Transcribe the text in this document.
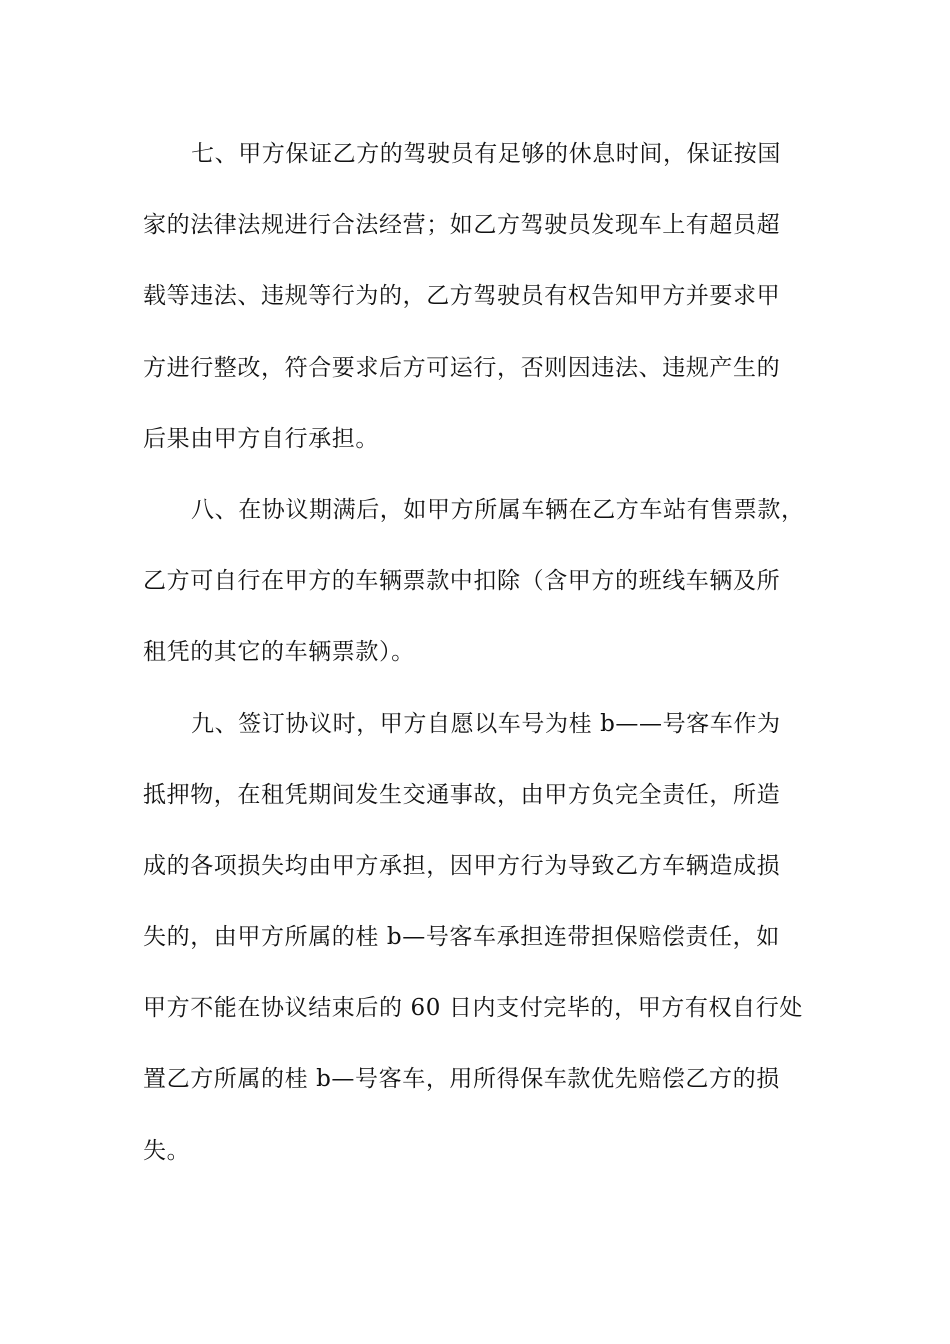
七、甲方保证乙方的驾驶员有足够的休息时间，保证按国
家的法律法规进行合法经营；如乙方驾驶员发现车上有超员超
载等违法、违规等行为的，乙方驾驶员有权告知甲方并要求甲
方进行整改，符合要求后方可运行，否则因违法、违规产生的
后果由甲方自行承担。
八、在协议期满后，如甲方所属车辆在乙方车站有售票款，
乙方可自行在甲方的车辆票款中扣除（含甲方的班线车辆及所
租凭的其它的车辆票款）。
九、签订协议时，甲方自愿以车号为桂 b——号客车作为
抵押物，在租凭期间发生交通事故，由甲方负完全责任，所造
成的各项损失均由甲方承担，因甲方行为导致乙方车辆造成损
失的，由甲方所属的桂 b—号客车承担连带担保赔偿责任，如
甲方不能在协议结束后的 60 日内支付完毕的，甲方有权自行处
置乙方所属的桂 b—号客车，用所得保车款优先赔偿乙方的损
失。
